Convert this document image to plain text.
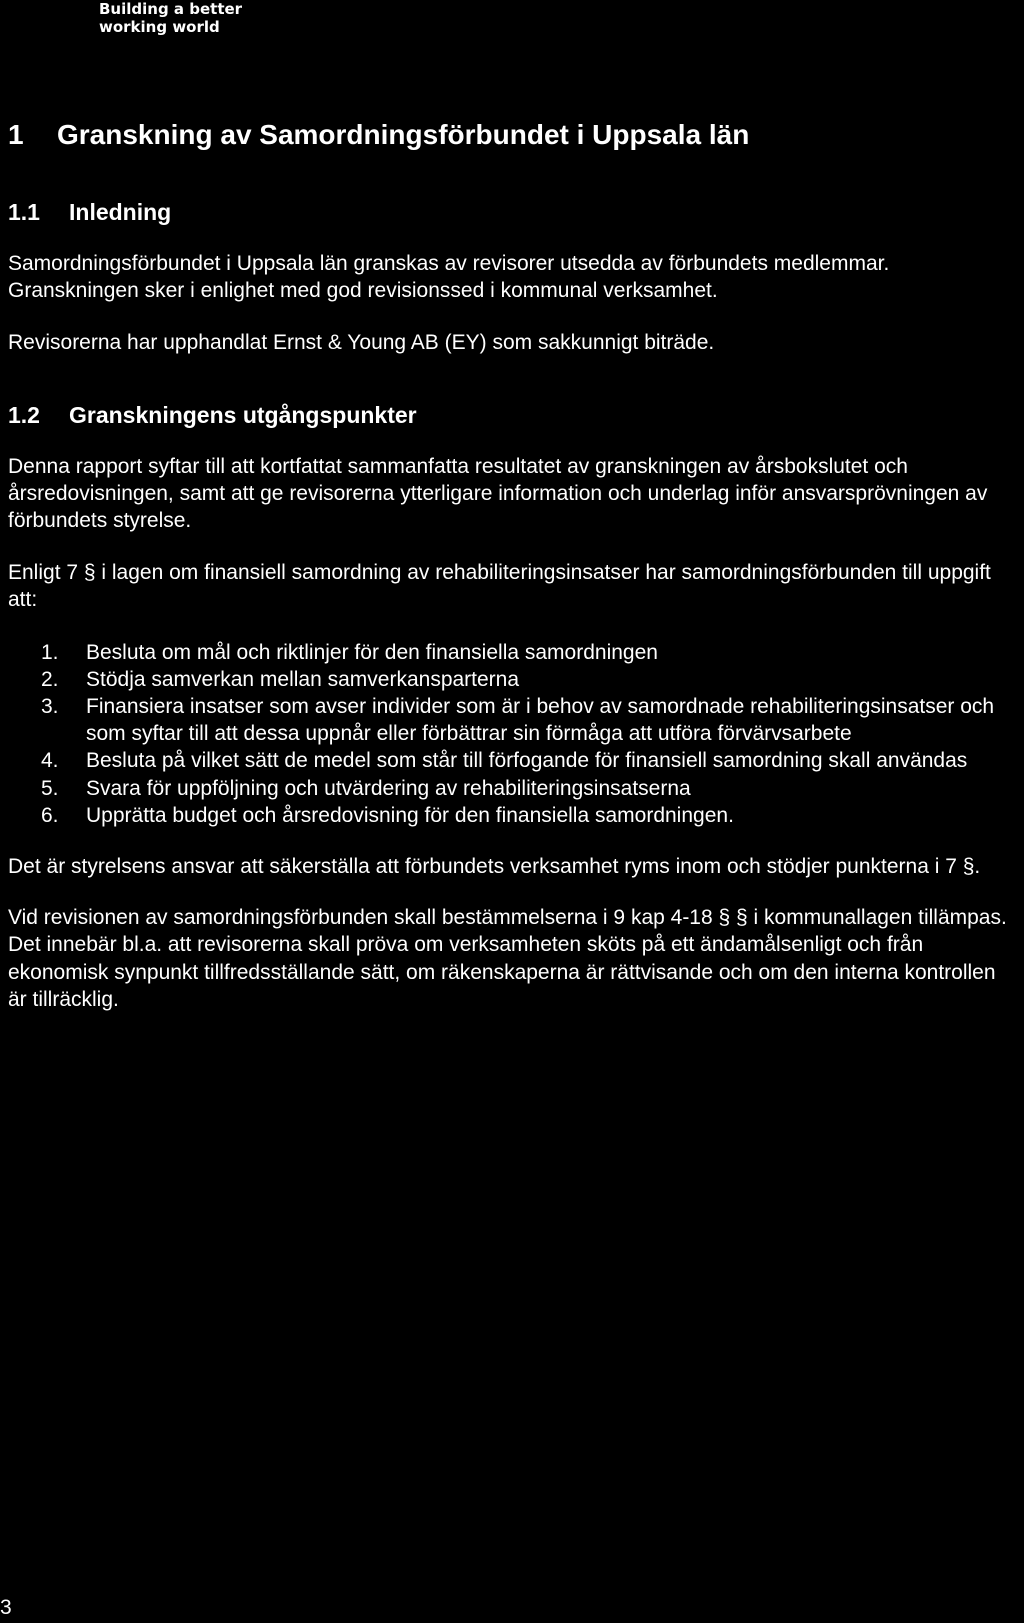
Building a better
working world
1 Granskning av Samordningsförbundet i Uppsala län
1.1 Inledning

Samordningsförbundet i Uppsala län granskas av revisorer utsedda av förbundets medlemmar. Granskningen sker i enlighet med god revisionssed i kommunal verksamhet.

Revisorerna har upphandlat Ernst & Young AB (EY) som sakkunnigt biträde.

1.2 Granskningens utgångspunkter

Denna rapport syftar till att kortfattat sammanfatta resultatet av granskningen av årsbokslutet och årsredovisningen, samt att ge revisorerna ytterligare information och underlag inför ansvarsprövningen av förbundets styrelse.

Enligt 7 § i lagen om finansiell samordning av rehabiliteringsinsatser har samordningsförbunden till uppgift att:

1. Besluta om mål och riktlinjer för den finansiella samordningen
2. Stödja samverkan mellan samverkansparterna
3. Finansiera insatser som avser individer som är i behov av samordnade rehabiliteringsinsatser och som syftar till att dessa uppnår eller förbättrar sin förmåga att utföra förvärvsarbete
4. Besluta på vilket sätt de medel som står till förfogande för finansiell samordning skall användas
5. Svara för uppföljning och utvärdering av rehabiliteringsinsatserna
6. Upprätta budget och årsredovisning för den finansiella samordningen.

Det är styrelsens ansvar att säkerställa att förbundets verksamhet ryms inom och stödjer punkterna i 7 §.

Vid revisionen av samordningsförbunden skall bestämmelserna i 9 kap 4-18 § § i kommunallagen tillämpas. Det innebär bl.a. att revisorerna skall pröva om verksamheten sköts på ett ändamålsenligt och från ekonomisk synpunkt tillfredsställande sätt, om räkenskaperna är rättvisande och om den interna kontrollen är tillräcklig.

3
